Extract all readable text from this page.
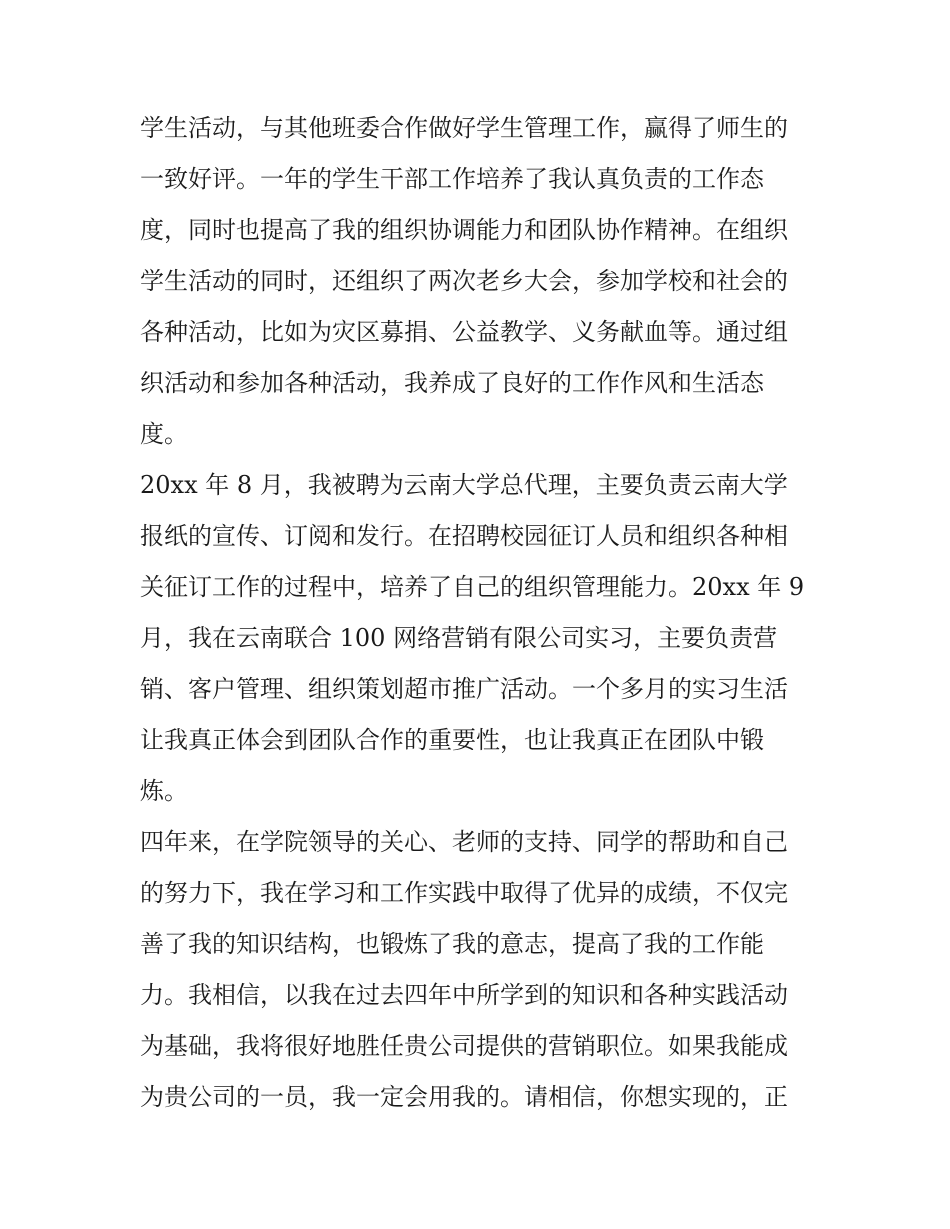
学生活动，与其他班委合作做好学生管理工作，赢得了师生的
一致好评。一年的学生干部工作培养了我认真负责的工作态
度，同时也提高了我的组织协调能力和团队协作精神。在组织
学生活动的同时，还组织了两次老乡大会，参加学校和社会的
各种活动，比如为灾区募捐、公益教学、义务献血等。通过组
织活动和参加各种活动，我养成了良好的工作作风和生活态
度。
20xx 年 8 月，我被聘为云南大学总代理，主要负责云南大学
报纸的宣传、订阅和发行。在招聘校园征订人员和组织各种相
关征订工作的过程中，培养了自己的组织管理能力。20xx 年 9
月，我在云南联合 100 网络营销有限公司实习，主要负责营
销、客户管理、组织策划超市推广活动。一个多月的实习生活
让我真正体会到团队合作的重要性，也让我真正在团队中锻
炼。
四年来，在学院领导的关心、老师的支持、同学的帮助和自己
的努力下，我在学习和工作实践中取得了优异的成绩，不仅完
善了我的知识结构，也锻炼了我的意志，提高了我的工作能
力。我相信，以我在过去四年中所学到的知识和各种实践活动
为基础，我将很好地胜任贵公司提供的营销职位。如果我能成
为贵公司的一员，我一定会用我的。请相信，你想实现的，正
